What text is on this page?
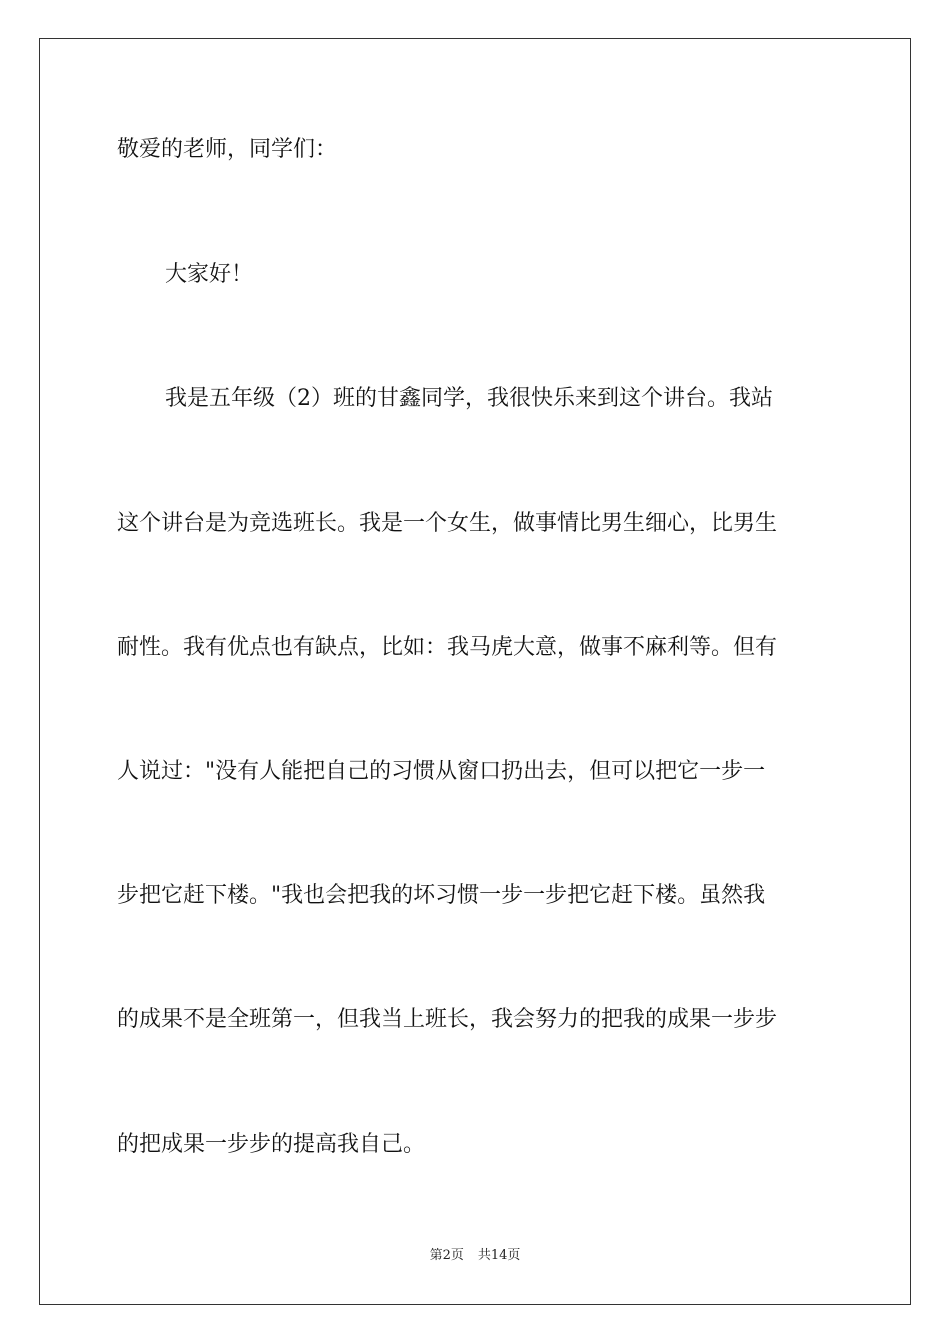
敬爱的老师，同学们：

大家好！

我是五年级（2）班的甘鑫同学，我很快乐来到这个讲台。我站

这个讲台是为竞选班长。我是一个女生，做事情比男生细心，比男生

耐性。我有优点也有缺点，比如：我马虎大意，做事不麻利等。但有

人说过："没有人能把自己的习惯从窗口扔出去，但可以把它一步一

步把它赶下楼。"我也会把我的坏习惯一步一步把它赶下楼。虽然我

的成果不是全班第一，但我当上班长，我会努力的把我的成果一步步

的把成果一步步的提高我自己。

第2页 共14页
